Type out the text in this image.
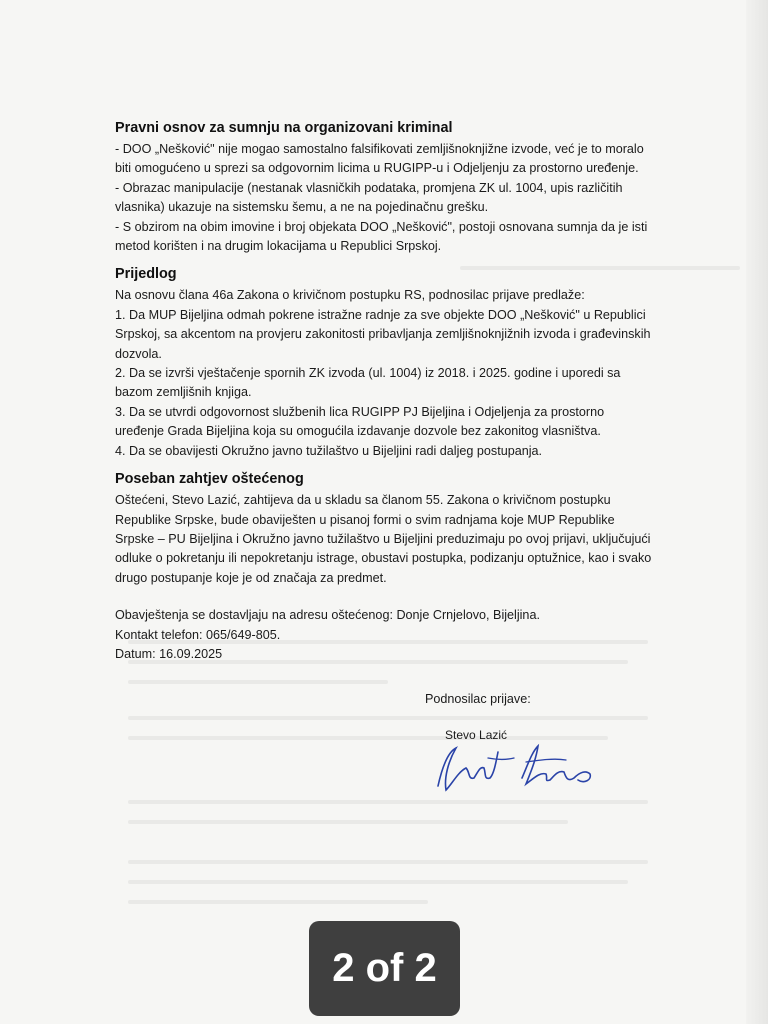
Pravni osnov za sumnju na organizovani kriminal

- DOO „Nešković" nije mogao samostalno falsifikovati zemljišnoknjižne izvode, već je to moralo biti omogućeno u sprezi sa odgovornim licima u RUGIPP-u i Odjeljenju za prostorno uređenje.

- Obrazac manipulacije (nestanak vlasničkih podataka, promjena ZK ul. 1004, upis različitih vlasnika) ukazuje na sistemsku šemu, a ne na pojedinačnu grešku.

- S obzirom na obim imovine i broj objekata DOO „Nešković", postoji osnovana sumnja da je isti metod korišten i na drugim lokacijama u Republici Srpskoj.

Prijedlog

Na osnovu člana 46a Zakona o krivičnom postupku RS, podnosilac prijave predlaže:

1. Da MUP Bijeljina odmah pokrene istražne radnje za sve objekte DOO „Nešković" u Republici Srpskoj, sa akcentom na provjeru zakonitosti pribavljanja zemljišnoknjižnih izvoda i građevinskih dozvola.

2. Da se izvrši vještačenje spornih ZK izvoda (ul. 1004) iz 2018. i 2025. godine i uporedi sa bazom zemljišnih knjiga.

3. Da se utvrdi odgovornost službenih lica RUGIPP PJ Bijeljina i Odjeljenja za prostorno uređenje Grada Bijeljina koja su omogućila izdavanje dozvole bez zakonitog vlasništva.

4. Da se obavijesti Okružno javno tužilaštvo u Bijeljini radi daljeg postupanja.

Poseban zahtjev oštećenog

Oštećeni, Stevo Lazić, zahtijeva da u skladu sa članom 55. Zakona o krivičnom postupku Republike Srpske, bude obaviješten u pisanoj formi o svim radnjama koje MUP Republike Srpske – PU Bijeljina i Okružno javno tužilaštvo u Bijeljini preduzimaju po ovoj prijavi, uključujući odluke o pokretanju ili nepokretanju istrage, obustavi postupka, podizanju optužnice, kao i svako drugo postupanje koje je od značaja za predmet.

Obavještenja se dostavljaju na adresu oštećenog: Donje Crnjelovo, Bijeljina.

Kontakt telefon: 065/649-805.

Datum: 16.09.2025

Podnosilac prijave:
Stevo Lazić
2 of 2
